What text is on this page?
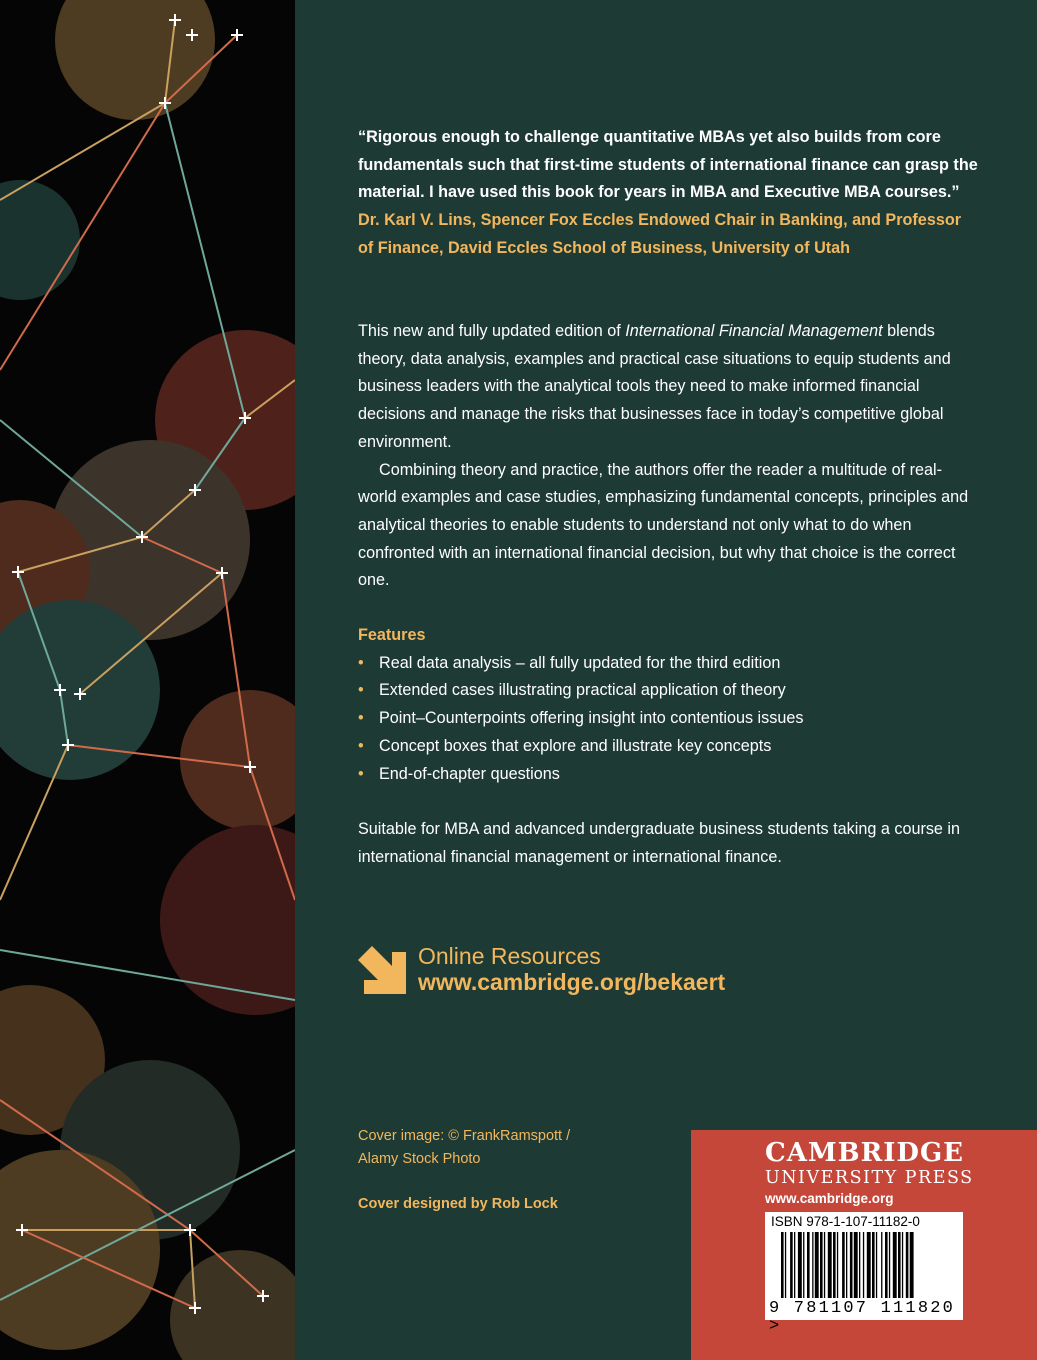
“Rigorous enough to challenge quantitative MBAs yet also builds from core fundamentals such that first-time students of international finance can grasp the material. I have used this book for years in MBA and Executive MBA courses.”
Dr. Karl V. Lins, Spencer Fox Eccles Endowed Chair in Banking, and Professor of Finance, David Eccles School of Business, University of Utah

This new and fully updated edition of International Financial Management blends theory, data analysis, examples and practical case situations to equip students and business leaders with the analytical tools they need to make informed financial decisions and manage the risks that businesses face in today’s competitive global environment.

Combining theory and practice, the authors offer the reader a multitude of real-world examples and case studies, emphasizing fundamental concepts, principles and analytical theories to enable students to understand not only what to do when confronted with an international financial decision, but why that choice is the correct one.

Features
• Real data analysis – all fully updated for the third edition
• Extended cases illustrating practical application of theory
• Point–Counterpoints offering insight into contentious issues
• Concept boxes that explore and illustrate key concepts
• End-of-chapter questions
Suitable for MBA and advanced undergraduate business students taking a course in international financial management or international finance.
Online Resources
www.cambridge.org/bekaert
Cover image: © FrankRamspott /
Alamy Stock Photo
Cover designed by Rob Lock
CAMBRIDGE
UNIVERSITY PRESS
www.cambridge.org
ISBN 978-1-107-11182-0
9 781107 111820 >
